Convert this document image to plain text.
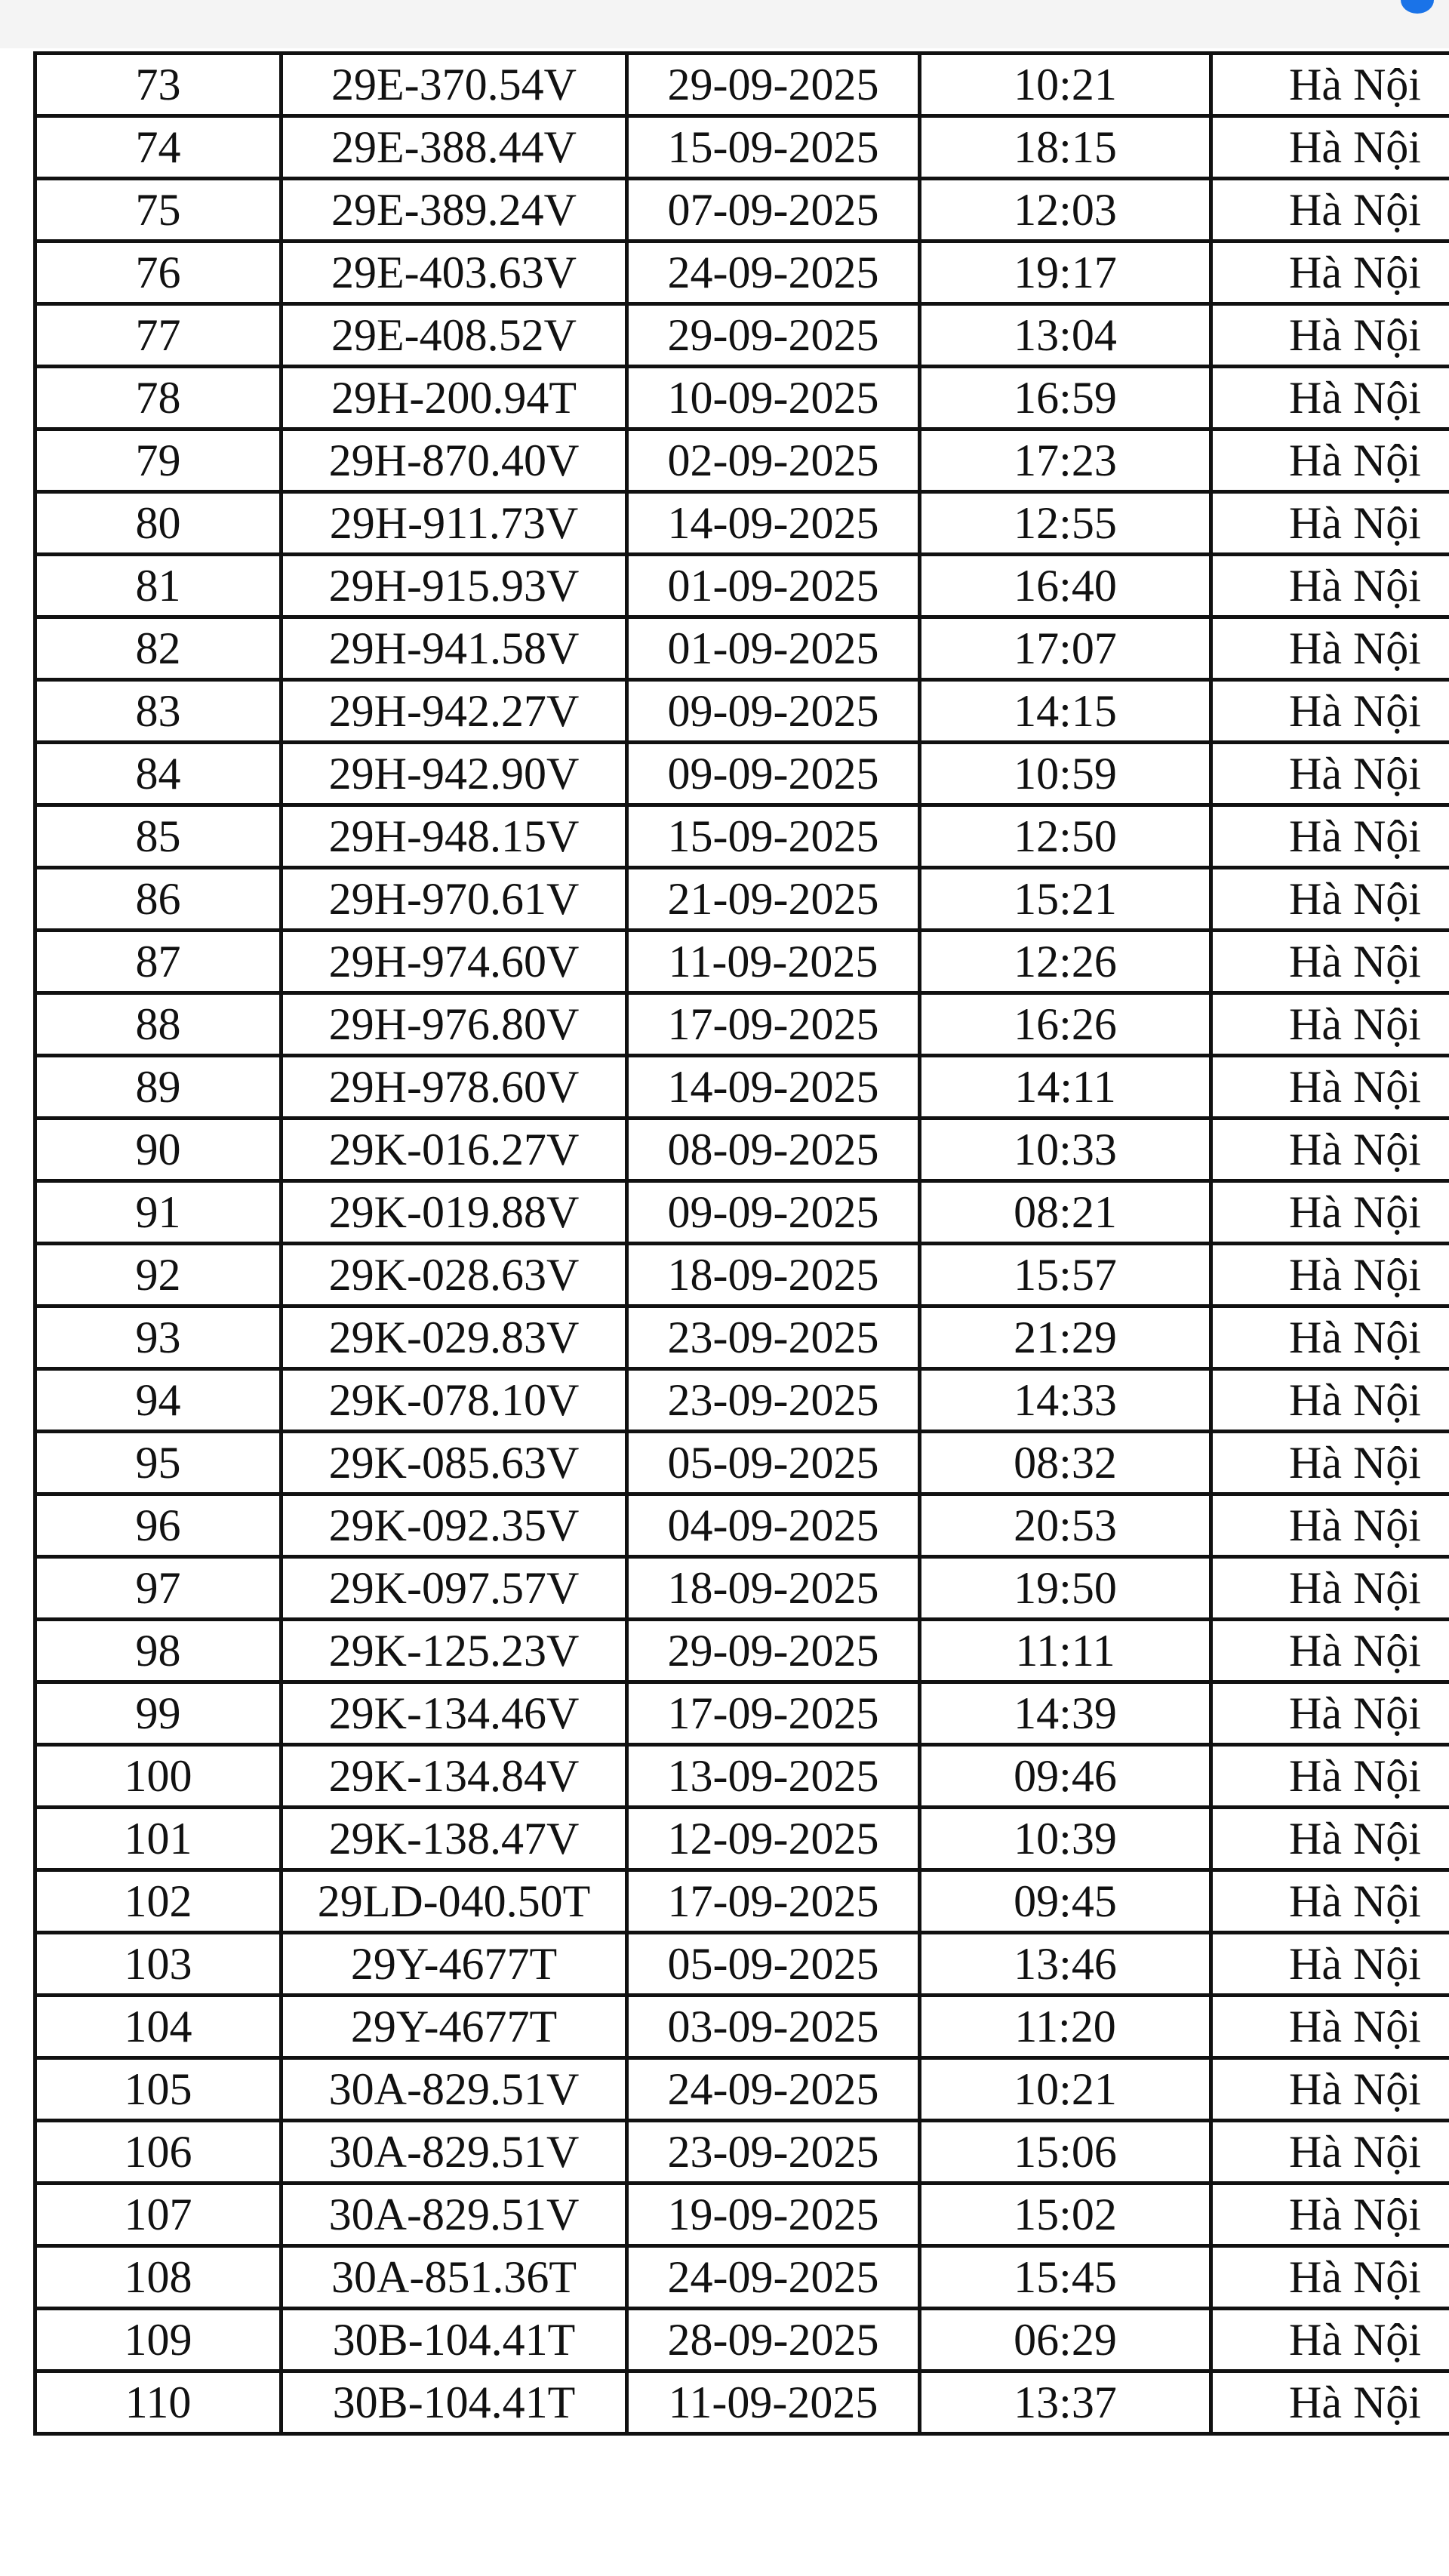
73	29E-370.54V	29-09-2025	10:21	Hà Nội
74	29E-388.44V	15-09-2025	18:15	Hà Nội
75	29E-389.24V	07-09-2025	12:03	Hà Nội
76	29E-403.63V	24-09-2025	19:17	Hà Nội
77	29E-408.52V	29-09-2025	13:04	Hà Nội
78	29H-200.94T	10-09-2025	16:59	Hà Nội
79	29H-870.40V	02-09-2025	17:23	Hà Nội
80	29H-911.73V	14-09-2025	12:55	Hà Nội
81	29H-915.93V	01-09-2025	16:40	Hà Nội
82	29H-941.58V	01-09-2025	17:07	Hà Nội
83	29H-942.27V	09-09-2025	14:15	Hà Nội
84	29H-942.90V	09-09-2025	10:59	Hà Nội
85	29H-948.15V	15-09-2025	12:50	Hà Nội
86	29H-970.61V	21-09-2025	15:21	Hà Nội
87	29H-974.60V	11-09-2025	12:26	Hà Nội
88	29H-976.80V	17-09-2025	16:26	Hà Nội
89	29H-978.60V	14-09-2025	14:11	Hà Nội
90	29K-016.27V	08-09-2025	10:33	Hà Nội
91	29K-019.88V	09-09-2025	08:21	Hà Nội
92	29K-028.63V	18-09-2025	15:57	Hà Nội
93	29K-029.83V	23-09-2025	21:29	Hà Nội
94	29K-078.10V	23-09-2025	14:33	Hà Nội
95	29K-085.63V	05-09-2025	08:32	Hà Nội
96	29K-092.35V	04-09-2025	20:53	Hà Nội
97	29K-097.57V	18-09-2025	19:50	Hà Nội
98	29K-125.23V	29-09-2025	11:11	Hà Nội
99	29K-134.46V	17-09-2025	14:39	Hà Nội
100	29K-134.84V	13-09-2025	09:46	Hà Nội
101	29K-138.47V	12-09-2025	10:39	Hà Nội
102	29LD-040.50T	17-09-2025	09:45	Hà Nội
103	29Y-4677T	05-09-2025	13:46	Hà Nội
104	29Y-4677T	03-09-2025	11:20	Hà Nội
105	30A-829.51V	24-09-2025	10:21	Hà Nội
106	30A-829.51V	23-09-2025	15:06	Hà Nội
107	30A-829.51V	19-09-2025	15:02	Hà Nội
108	30A-851.36T	24-09-2025	15:45	Hà Nội
109	30B-104.41T	28-09-2025	06:29	Hà Nội
110	30B-104.41T	11-09-2025	13:37	Hà Nội
